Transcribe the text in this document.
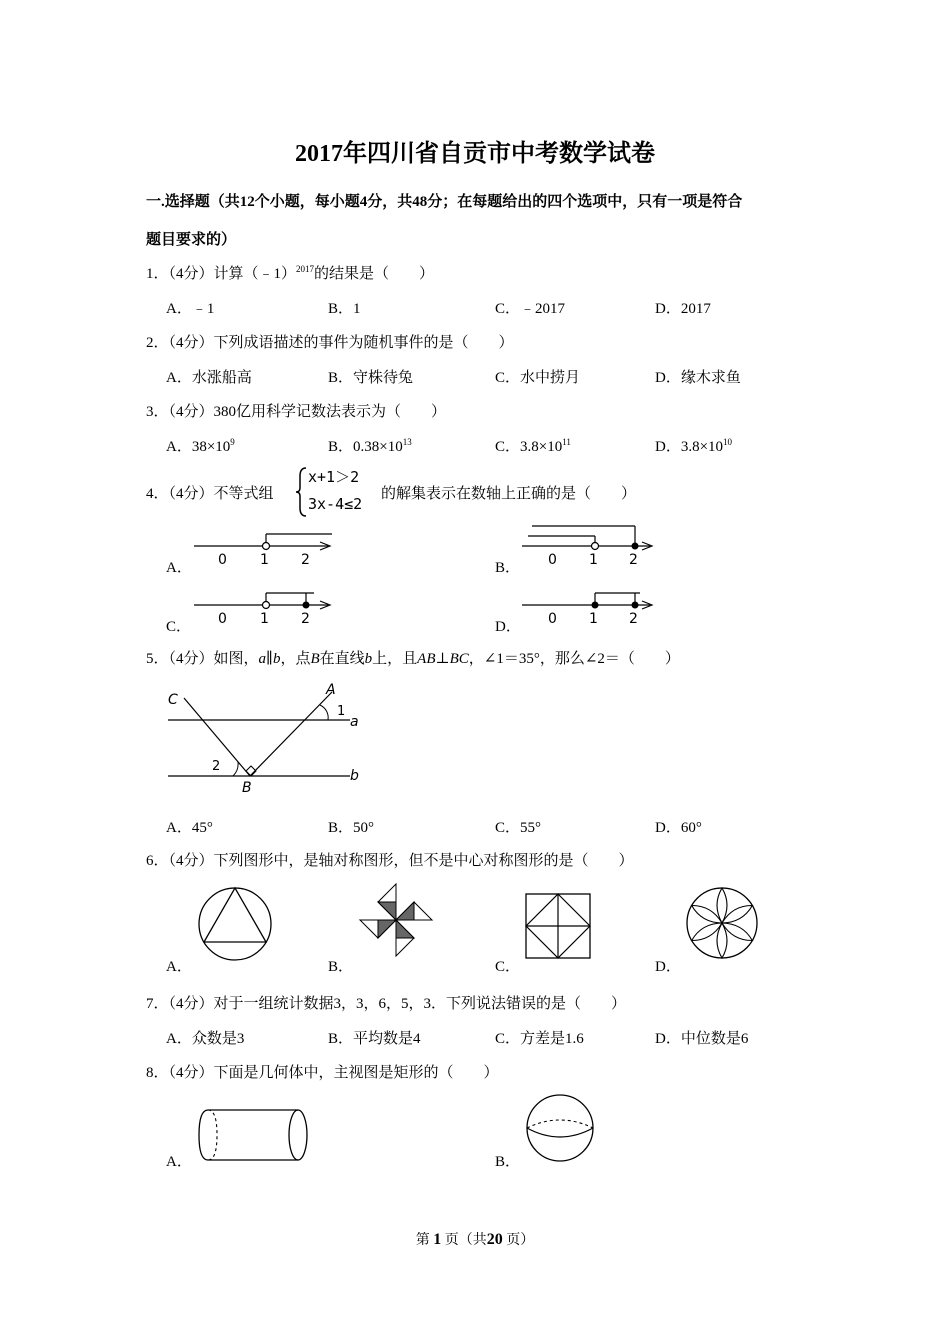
2017年四川省自贡市中考数学试卷
一.选择题（共12个小题，每小题4分，共48分；在每题给出的四个选项中，只有一项是符合
题目要求的）
1．（4分）计算（﹣1）$^{2017}$的结果是（　　）
A．﹣1	B．1	C．﹣2017	D．2017
2．（4分）下列成语描述的事件为随机事件的是（　　）
A．水涨船高	B．守株待兔	C．水中捞月	D．缘木求鱼
3．（4分）380亿用科学记数法表示为（　　）
A．$38\times 10^9$	B．$0.38\times 10^{13}$	C．$3.8\times 10^{11}$	D．$3.8\times 10^{10}$
4．（4分）不等式组
x+1＞2
3x-4≤2
的解集表示在数轴上正确的是（　　）
A． 0 1 2	B． 0 1 2
C． 0 1 2	D． 0 1 2
5．（4分）如图，a∥b，点B在直线b上，且AB⊥BC，∠1＝35°，那么∠2＝（　　）
C
A
1
a
2
B
b
A．45°	B．50°	C．55°	D．60°
6．（4分）下列图形中，是轴对称图形，但不是中心对称图形的是（　　）
A．	B．	C．	D．
7．（4分）对于一组统计数据3，3，6，5，3．下列说法错误的是（　　）
A．众数是3	B．平均数是4	C．方差是1.6	D．中位数是6
8．（4分）下面是几何体中，主视图是矩形的（　　）
A．	B．
第 1 页（共20 页）
